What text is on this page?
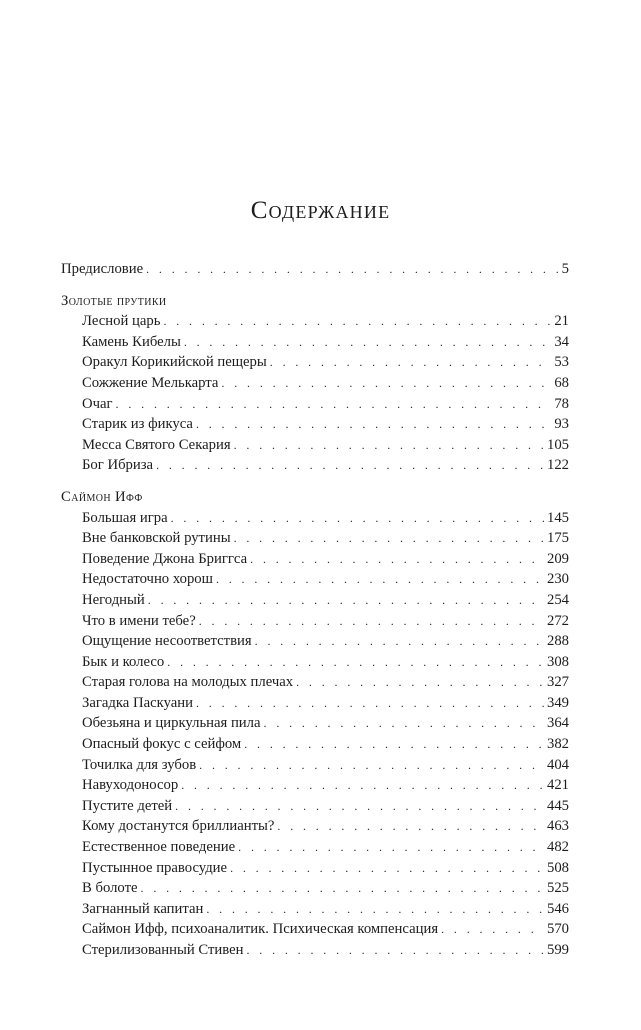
Содержание
Предисловие . . .	5
Золотые прутики
Лесной царь . . .	21
Камень Кибелы . . .	34
Оракул Корикийской пещеры . . .	53
Сожжение Мелькарта . . .	68
Очаг . . .	78
Старик из фикуса . . .	93
Месса Святого Секария . . .	105
Бог Ибриза . . .	122
Саймон Ифф
Большая игра . . .	145
Вне банковской рутины . . .	175
Поведение Джона Бриггса . . .	209
Недостаточно хорош . . .	230
Негодный . . .	254
Что в имени тебе? . . .	272
Ощущение несоответствия . . .	288
Бык и колесо . . .	308
Старая голова на молодых плечах . . .	327
Загадка Паскуани . . .	349
Обезьяна и циркульная пила . . .	364
Опасный фокус с сейфом . . .	382
Точилка для зубов . . .	404
Навуходоносор . . .	421
Пустите детей . . .	445
Кому достанутся бриллианты? . . .	463
Естественное поведение . . .	482
Пустынное правосудие . . .	508
В болоте . . .	525
Загнанный капитан . . .	546
Саймон Ифф, психоаналитик. Психическая компенсация . . .	570
Стерилизованный Стивен . . .	599
